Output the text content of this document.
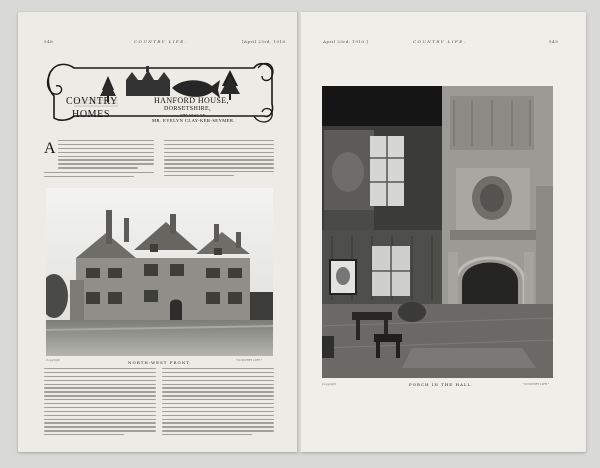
548	COUNTRY LIFE.	[April 23rd, 1910.
COVNTRY
HOMES
HANFORD HOUSE,
DORSETSHIRE,
THE SEAT OF
MR. EVELYN CLAY-KER-SEYMER.
A
Copyright	NORTH-WEST FRONT.	"COUNTRY LIFE."
April 23rd, 1910.]	COUNTRY LIFE.	549
Copyright	PORCH IN THE HALL.	"COUNTRY LIFE."
